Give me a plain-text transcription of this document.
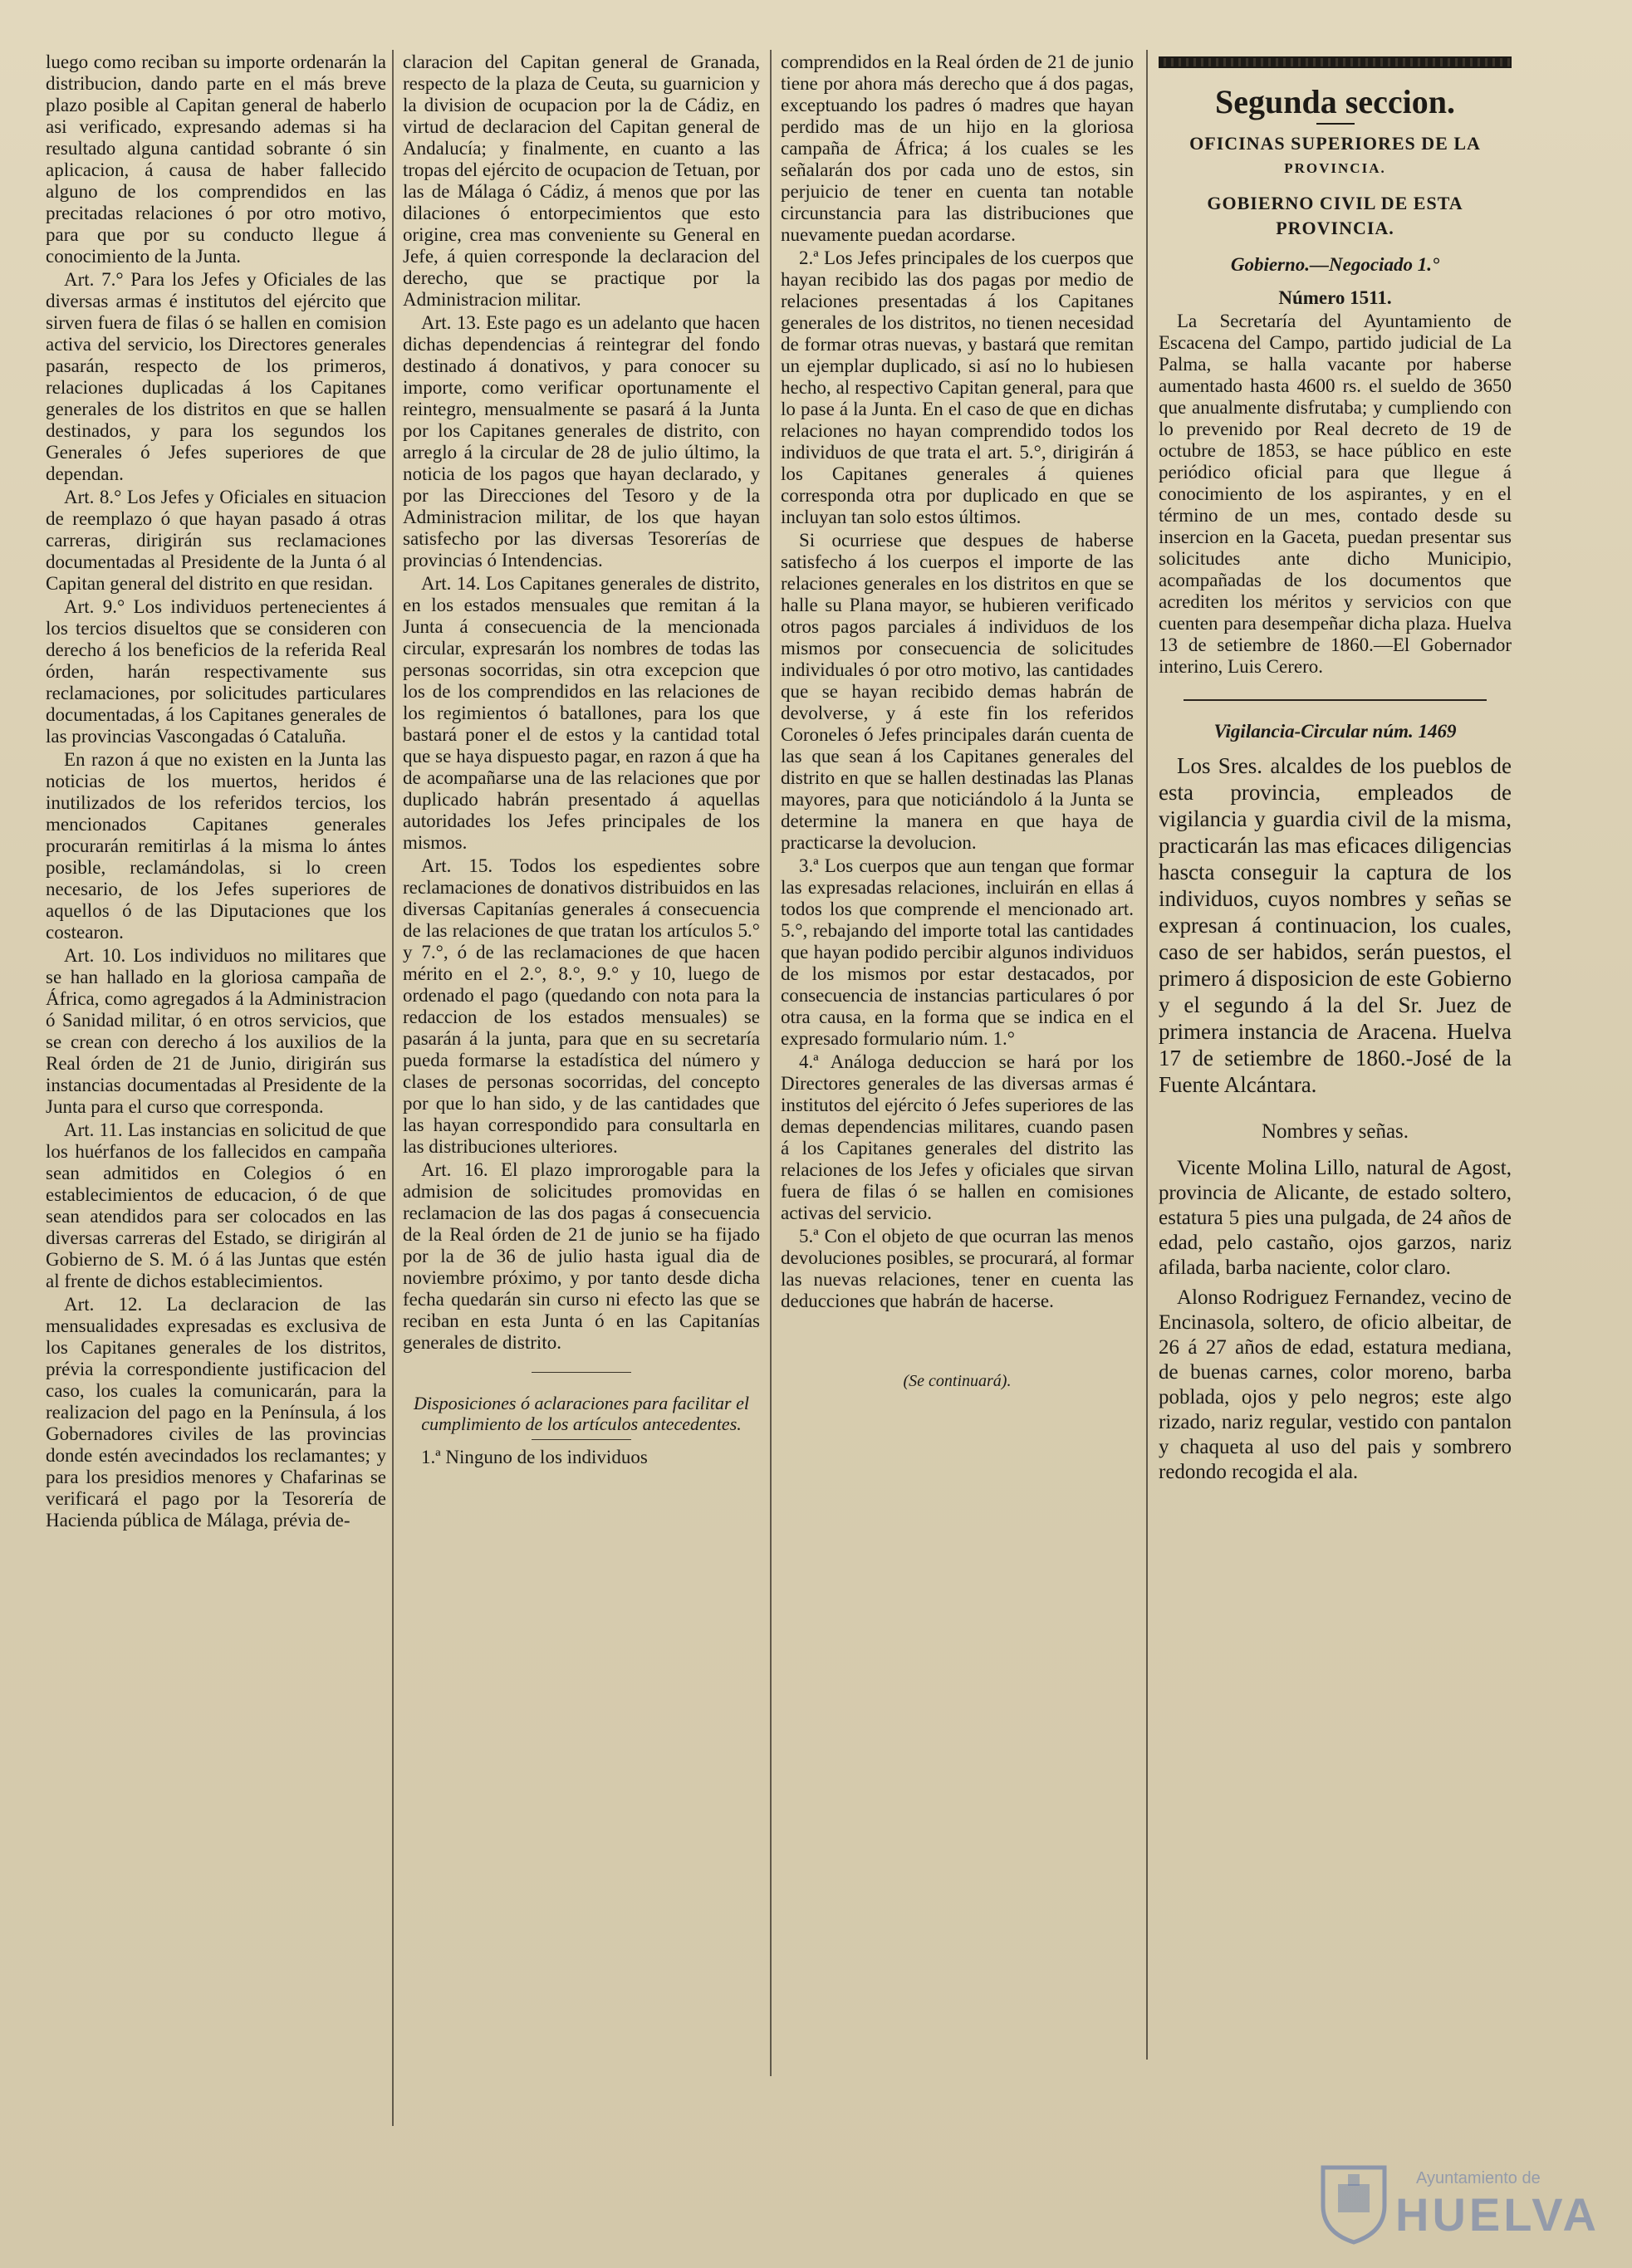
luego como reciban su importe ordenarán la distribucion, dando parte en el más breve plazo posible al Capitan general de haberlo asi verificado, expresando ademas si ha resultado alguna cantidad sobrante ó sin aplicacion, á causa de haber fallecido alguno de los comprendidos en las precitadas relaciones ó por otro motivo, para que por su conducto llegue á conocimiento de la Junta.

Art. 7.° Para los Jefes y Oficiales de las diversas armas é institutos del ejército que sirven fuera de filas ó se hallen en comision activa del servicio, los Directores generales pasarán, respecto de los primeros, relaciones duplicadas á los Capitanes generales de los distritos en que se hallen destinados, y para los segundos los Generales ó Jefes superiores de que dependan.

Art. 8.° Los Jefes y Oficiales en situacion de reemplazo ó que hayan pasado á otras carreras, dirigirán sus reclamaciones documentadas al Presidente de la Junta ó al Capitan general del distrito en que residan.

Art. 9.° Los individuos pertenecientes á los tercios disueltos que se consideren con derecho á los beneficios de la referida Real órden, harán respectivamente sus reclamaciones, por solicitudes particulares documentadas, á los Capitanes generales de las provincias Vascongadas ó Cataluña.

En razon á que no existen en la Junta las noticias de los muertos, heridos é inutilizados de los referidos tercios, los mencionados Capitanes generales procurarán remitirlas á la misma lo ántes posible, reclamándolas, si lo creen necesario, de los Jefes superiores de aquellos ó de las Diputaciones que los costearon.

Art. 10. Los individuos no militares que se han hallado en la gloriosa campaña de África, como agregados á la Administracion ó Sanidad militar, ó en otros servicios, que se crean con derecho á los auxilios de la Real órden de 21 de Junio, dirigirán sus instancias documentadas al Presidente de la Junta para el curso que corresponda.

Art. 11. Las instancias en solicitud de que los huérfanos de los fallecidos en campaña sean admitidos en Colegios ó en establecimientos de educacion, ó de que sean atendidos para ser colocados en las diversas carreras del Estado, se dirigirán al Gobierno de S. M. ó á las Juntas que estén al frente de dichos establecimientos.

Art. 12. La declaracion de las mensualidades expresadas es exclusiva de los Capitanes generales de los distritos, prévia la correspondiente justificacion del caso, los cuales la comunicarán, para la realizacion del pago en la Península, á los Gobernadores civiles de las provincias donde estén avecindados los reclamantes; y para los presidios menores y Chafarinas se verificará el pago por la Tesorería de Hacienda pública de Málaga, prévia de-

claracion del Capitan general de Granada, respecto de la plaza de Ceuta, su guarnicion y la division de ocupacion por la de Cádiz, en virtud de declaracion del Capitan general de Andalucía; y finalmente, en cuanto a las tropas del ejército de ocupacion de Tetuan, por las de Málaga ó Cádiz, á menos que por las dilaciones ó entorpecimientos que esto origine, crea mas conveniente su General en Jefe, á quien corresponde la declaracion del derecho, que se practique por la Administracion militar.

Art. 13. Este pago es un adelanto que hacen dichas dependencias á reintegrar del fondo destinado á donativos, y para conocer su importe, como verificar oportunamente el reintegro, mensualmente se pasará á la Junta por los Capitanes generales de distrito, con arreglo á la circular de 28 de julio último, la noticia de los pagos que hayan declarado, y por las Direcciones del Tesoro y de la Administracion militar, de los que hayan satisfecho por las diversas Tesorerías de provincias ó Intendencias.

Art. 14. Los Capitanes generales de distrito, en los estados mensuales que remitan á la Junta á consecuencia de la mencionada circular, expresarán los nombres de todas las personas socorridas, sin otra excepcion que los de los comprendidos en las relaciones de los regimientos ó batallones, para los que bastará poner el de estos y la cantidad total que se haya dispuesto pagar, en razon á que ha de acompañarse una de las relaciones que por duplicado habrán presentado á aquellas autoridades los Jefes principales de los mismos.

Art. 15. Todos los espedientes sobre reclamaciones de donativos distribuidos en las diversas Capitanías generales á consecuencia de las relaciones de que tratan los artículos 5.° y 7.°, ó de las reclamaciones de que hacen mérito en el 2.°, 8.°, 9.° y 10, luego de ordenado el pago (quedando con nota para la redaccion de los estados mensuales) se pasarán á la junta, para que en su secretaría pueda formarse la estadística del número y clases de personas socorridas, del concepto por que lo han sido, y de las cantidades que las hayan correspondido para consultarla en las distribuciones ulteriores.

Art. 16. El plazo improrogable para la admision de solicitudes promovidas en reclamacion de las dos pagas á consecuencia de la Real órden de 21 de junio se ha fijado por la de 36 de julio hasta igual dia de noviembre próximo, y por tanto desde dicha fecha quedarán sin curso ni efecto las que se reciban en esta Junta ó en las Capitanías generales de distrito.

Disposiciones ó aclaraciones para facilitar el cumplimiento de los artículos antecedentes.

1.ª Ninguno de los individuos

comprendidos en la Real órden de 21 de junio tiene por ahora más derecho que á dos pagas, exceptuando los padres ó madres que hayan perdido mas de un hijo en la gloriosa campaña de África; á los cuales se les señalarán dos por cada uno de estos, sin perjuicio de tener en cuenta tan notable circunstancia para las distribuciones que nuevamente puedan acordarse.

2.ª Los Jefes principales de los cuerpos que hayan recibido las dos pagas por medio de relaciones presentadas á los Capitanes generales de los distritos, no tienen necesidad de formar otras nuevas, y bastará que remitan un ejemplar duplicado, si así no lo hubiesen hecho, al respectivo Capitan general, para que lo pase á la Junta. En el caso de que en dichas relaciones no hayan comprendido todos los individuos de que trata el art. 5.°, dirigirán á los Capitanes generales á quienes corresponda otra por duplicado en que se incluyan tan solo estos últimos.

Si ocurriese que despues de haberse satisfecho á los cuerpos el importe de las relaciones generales en los distritos en que se halle su Plana mayor, se hubieren verificado otros pagos parciales á individuos de los mismos por consecuencia de solicitudes individuales ó por otro motivo, las cantidades que se hayan recibido demas habrán de devolverse, y á este fin los referidos Coroneles ó Jefes principales darán cuenta de las que sean á los Capitanes generales del distrito en que se hallen destinadas las Planas mayores, para que noticiándolo á la Junta se determine la manera en que haya de practicarse la devolucion.

3.ª Los cuerpos que aun tengan que formar las expresadas relaciones, incluirán en ellas á todos los que comprende el mencionado art. 5.°, rebajando del importe total las cantidades que hayan podido percibir algunos individuos de los mismos por estar destacados, por consecuencia de instancias particulares ó por otra causa, en la forma que se indica en el expresado formulario núm. 1.°

4.ª Análoga deduccion se hará por los Directores generales de las diversas armas é institutos del ejército ó Jefes superiores de las demas dependencias militares, cuando pasen á los Capitanes generales del distrito las relaciones de los Jefes y oficiales que sirvan fuera de filas ó se hallen en comisiones activas del servicio.

5.ª Con el objeto de que ocurran las menos devoluciones posibles, se procurará, al formar las nuevas relaciones, tener en cuenta las deducciones que habrán de hacerse.

(Se continuará).

Segunda seccion.

OFICINAS SUPERIORES DE LA

PROVINCIA.

GOBIERNO CIVIL DE ESTA PROVINCIA.

Gobierno.—Negociado 1.°

Número 1511.

La Secretaría del Ayuntamiento de Escacena del Campo, partido judicial de La Palma, se halla vacante por haberse aumentado hasta 4600 rs. el sueldo de 3650 que anualmente disfrutaba; y cumpliendo con lo prevenido por Real decreto de 19 de octubre de 1853, se hace público en este periódico oficial para que llegue á conocimiento de los aspirantes, y en el término de un mes, contado desde su insercion en la Gaceta, puedan presentar sus solicitudes ante dicho Municipio, acompañadas de los documentos que acrediten los méritos y servicios con que cuenten para desempeñar dicha plaza. Huelva 13 de setiembre de 1860.—El Gobernador interino, Luis Cerero.

Vigilancia-Circular núm. 1469

Los Sres. alcaldes de los pueblos de esta provincia, empleados de vigilancia y guardia civil de la misma, practicarán las mas eficaces diligencias hascta conseguir la captura de los individuos, cuyos nombres y señas se expresan á continuacion, los cuales, caso de ser habidos, serán puestos, el primero á disposicion de este Gobierno y el segundo á la del Sr. Juez de primera instancia de Aracena. Huelva 17 de setiembre de 1860.-José de la Fuente Alcántara.

Nombres y señas.

Vicente Molina Lillo, natural de Agost, provincia de Alicante, de estado soltero, estatura 5 pies una pulgada, de 24 años de edad, pelo castaño, ojos garzos, nariz afilada, barba naciente, color claro.

Alonso Rodriguez Fernandez, vecino de Encinasola, soltero, de oficio albeitar, de 26 á 27 años de edad, estatura mediana, de buenas carnes, color moreno, barba poblada, ojos y pelo negros; este algo rizado, nariz regular, vestido con pantalon y chaqueta al uso del pais y sombrero redondo recogida el ala.

Ayuntamiento de
HUELVA
